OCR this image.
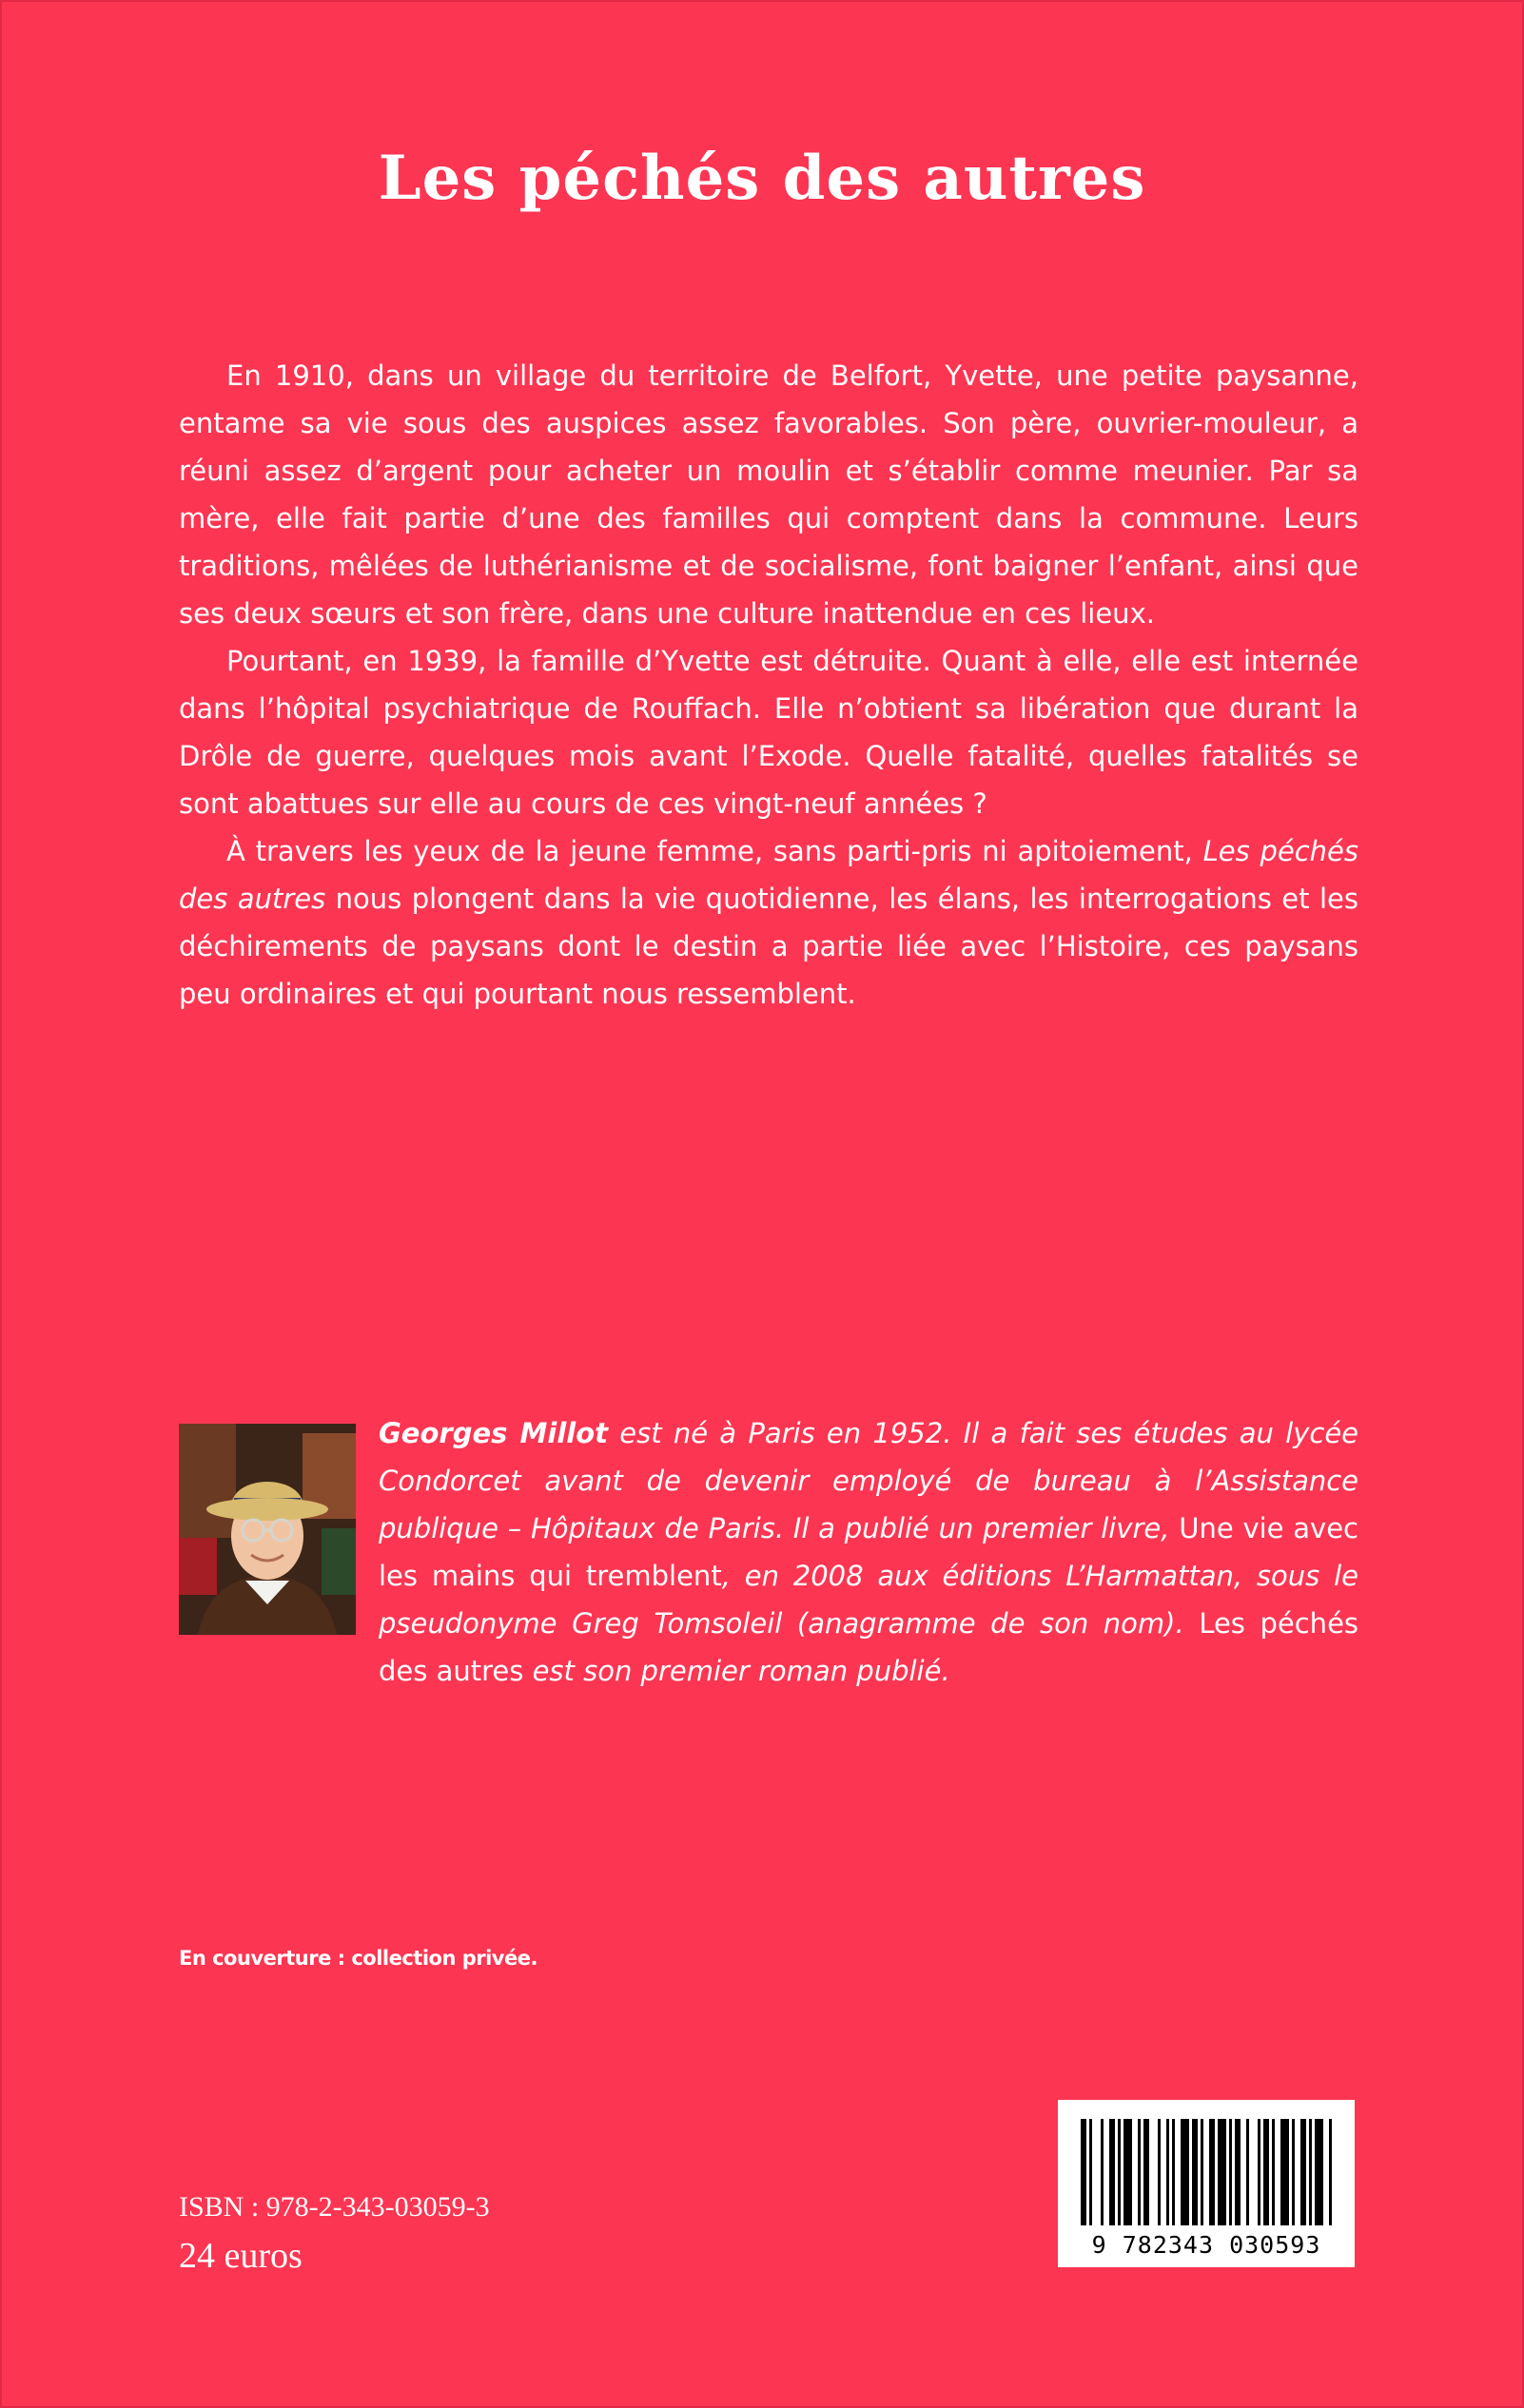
Les péchés des autres

En 1910, dans un village du territoire de Belfort, Yvette, une petite paysanne, entame sa vie sous des auspices assez favorables. Son père, ouvrier-mouleur, a réuni assez d’argent pour acheter un moulin et s’établir comme meunier. Par sa mère, elle fait partie d’une des familles qui comptent dans la commune. Leurs traditions, mêlées de luthérianisme et de socialisme, font baigner l’enfant, ainsi que ses deux sœurs et son frère, dans une culture inattendue en ces lieux.

Pourtant, en 1939, la famille d’Yvette est détruite. Quant à elle, elle est internée dans l’hôpital psychiatrique de Rouffach. Elle n’obtient sa libération que durant la Drôle de guerre, quelques mois avant l’Exode. Quelle fatalité, quelles fatalités se sont abattues sur elle au cours de ces vingt-neuf années ?

À travers les yeux de la jeune femme, sans parti-pris ni apitoiement, Les péchés des autres nous plongent dans la vie quotidienne, les élans, les interrogations et les déchirements de paysans dont le destin a partie liée avec l’Histoire, ces paysans peu ordinaires et qui pourtant nous ressemblent.

Georges Millot est né à Paris en 1952. Il a fait ses études au lycée Condorcet avant de devenir employé de bureau à l’Assistance publique – Hôpitaux de Paris. Il a publié un premier livre, Une vie avec les mains qui tremblent, en 2008 aux éditions L’Harmattan, sous le pseudonyme Greg Tomsoleil (anagramme de son nom). Les péchés des autres est son premier roman publié.

En couverture : collection privée.

ISBN : 978-2-343-03059-3

24 euros	9 782343 030593
